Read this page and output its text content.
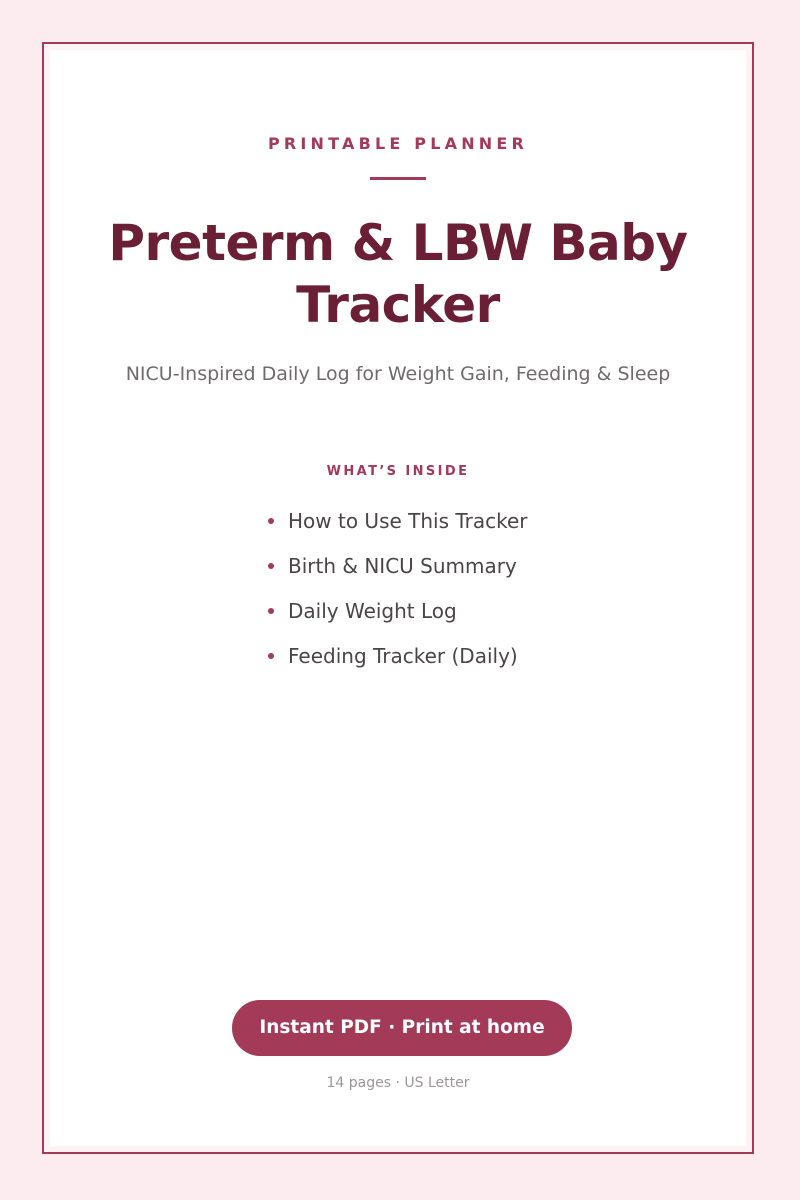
PRINTABLE PLANNER
Preterm & LBW Baby Tracker
NICU-Inspired Daily Log for Weight Gain, Feeding & Sleep
WHAT’S INSIDE
How to Use This Tracker
Birth & NICU Summary
Daily Weight Log
Feeding Tracker (Daily)
Instant PDF · Print at home
14 pages · US Letter
